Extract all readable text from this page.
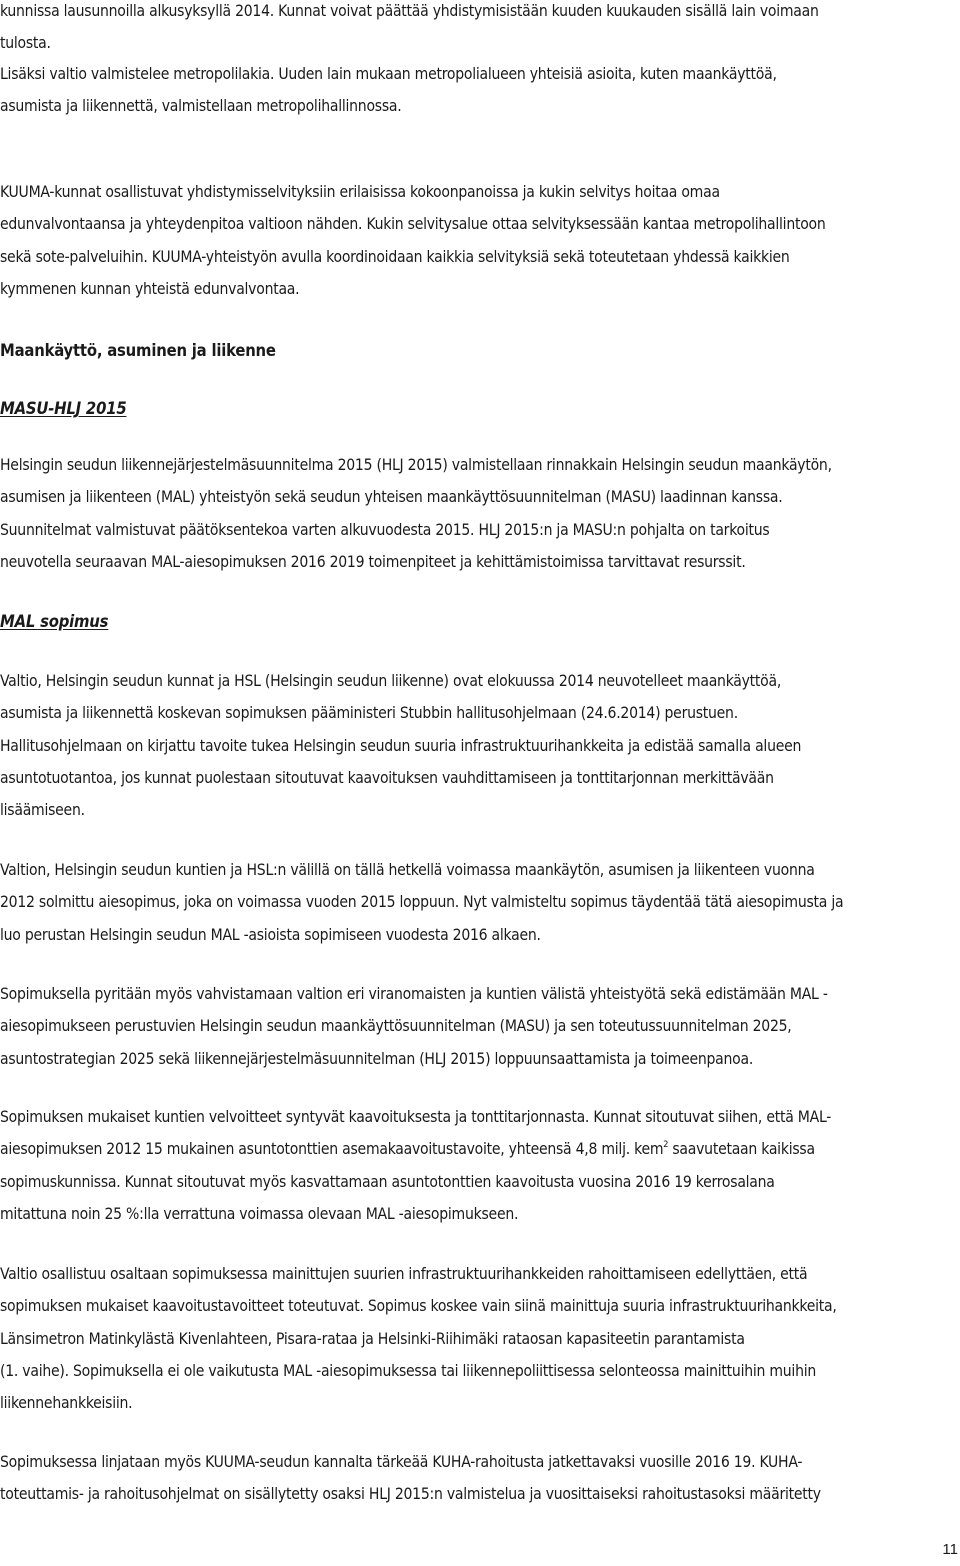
kunnissa lausunnoilla alkusyksyllä 2014. Kunnat voivat päättää yhdistymisistään kuuden kuukauden sisällä lain voimaan
tulosta.

Lisäksi valtio valmistelee metropolilakia. Uuden lain mukaan metropolialueen yhteisiä asioita, kuten maankäyttöä,
asumista ja liikennettä, valmistellaan metropolihallinnossa.

KUUMA-kunnat osallistuvat yhdistymisselvityksiin erilaisissa kokoonpanoissa ja kukin selvitys hoitaa omaa
edunvalvontaansa ja yhteydenpitoa valtioon nähden. Kukin selvitysalue ottaa selvityksessään kantaa metropolihallintoon
sekä sote-palveluihin. KUUMA-yhteistyön avulla koordinoidaan kaikkia selvityksiä sekä toteutetaan yhdessä kaikkien
kymmenen kunnan yhteistä edunvalvontaa.

Maankäyttö, asuminen ja liikenne
MASU-HLJ 2015

Helsingin seudun liikennejärjestelmäsuunnitelma 2015 (HLJ 2015) valmistellaan rinnakkain Helsingin seudun maankäytön,
asumisen ja liikenteen (MAL) yhteistyön sekä seudun yhteisen maankäyttösuunnitelman (MASU) laadinnan kanssa.
Suunnitelmat valmistuvat päätöksentekoa varten alkuvuodesta 2015. HLJ 2015:n ja MASU:n pohjalta on tarkoitus
neuvotella seuraavan MAL-aiesopimuksen 2016 2019 toimenpiteet ja kehittämistoimissa tarvittavat resurssit.

MAL sopimus

Valtio, Helsingin seudun kunnat ja HSL (Helsingin seudun liikenne) ovat elokuussa 2014 neuvotelleet maankäyttöä,
asumista ja liikennettä koskevan sopimuksen pääministeri Stubbin hallitusohjelmaan (24.6.2014) perustuen.
Hallitusohjelmaan on kirjattu tavoite tukea Helsingin seudun suuria infrastruktuurihankkeita ja edistää samalla alueen
asuntotuotantoa, jos kunnat puolestaan sitoutuvat kaavoituksen vauhdittamiseen ja tonttitarjonnan merkittävään
lisäämiseen.

Valtion, Helsingin seudun kuntien ja HSL:n välillä on tällä hetkellä voimassa maankäytön, asumisen ja liikenteen vuonna
2012 solmittu aiesopimus, joka on voimassa vuoden 2015 loppuun. Nyt valmisteltu sopimus täydentää tätä aiesopimusta ja
luo perustan Helsingin seudun MAL -asioista sopimiseen vuodesta 2016 alkaen.

Sopimuksella pyritään myös vahvistamaan valtion eri viranomaisten ja kuntien välistä yhteistyötä sekä edistämään MAL -
aiesopimukseen perustuvien Helsingin seudun maankäyttösuunnitelman (MASU) ja sen toteutussuunnitelman 2025,
asuntostrategian 2025 sekä liikennejärjestelmäsuunnitelman (HLJ 2015) loppuunsaattamista ja toimeenpanoa.

Sopimuksen mukaiset kuntien velvoitteet syntyvät kaavoituksesta ja tonttitarjonnasta. Kunnat sitoutuvat siihen, että MAL-
aiesopimuksen 2012 15 mukainen asuntotonttien asemakaavoitustavoite, yhteensä 4,8 milj. kem$^2$ saavutetaan kaikissa
sopimuskunnissa. Kunnat sitoutuvat myös kasvattamaan asuntotonttien kaavoitusta vuosina 2016 19 kerrosalana
mitattuna noin 25 %:lla verrattuna voimassa olevaan MAL -aiesopimukseen.

Valtio osallistuu osaltaan sopimuksessa mainittujen suurien infrastruktuurihankkeiden rahoittamiseen edellyttäen, että
sopimuksen mukaiset kaavoitustavoitteet toteutuvat. Sopimus koskee vain siinä mainittuja suuria infrastruktuurihankkeita,
Länsimetron Matinkylästä Kivenlahteen, Pisara-rataa ja Helsinki-Riihimäki rataosan kapasiteetin parantamista
(1. vaihe). Sopimuksella ei ole vaikutusta MAL -aiesopimuksessa tai liikennepoliittisessa selonteossa mainittuihin muihin
liikennehankkeisiin.

Sopimuksessa linjataan myös KUUMA-seudun kannalta tärkeää KUHA-rahoitusta jatkettavaksi vuosille 2016 19. KUHA-
toteuttamis- ja rahoitusohjelmat on sisällytetty osaksi HLJ 2015:n valmistelua ja vuosittaiseksi rahoitustasoksi määritetty

11
